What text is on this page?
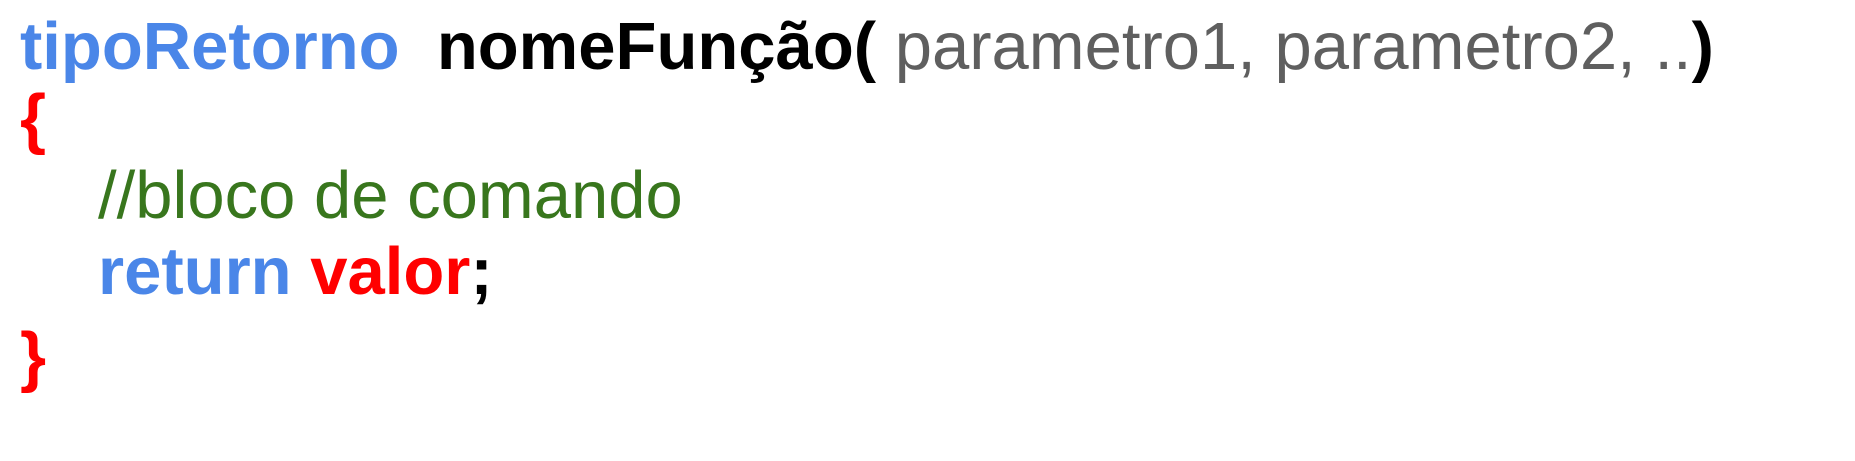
tipoRetorno nomeFunção( parametro1, parametro2, ..)
{
//bloco de comando
return valor;
}
